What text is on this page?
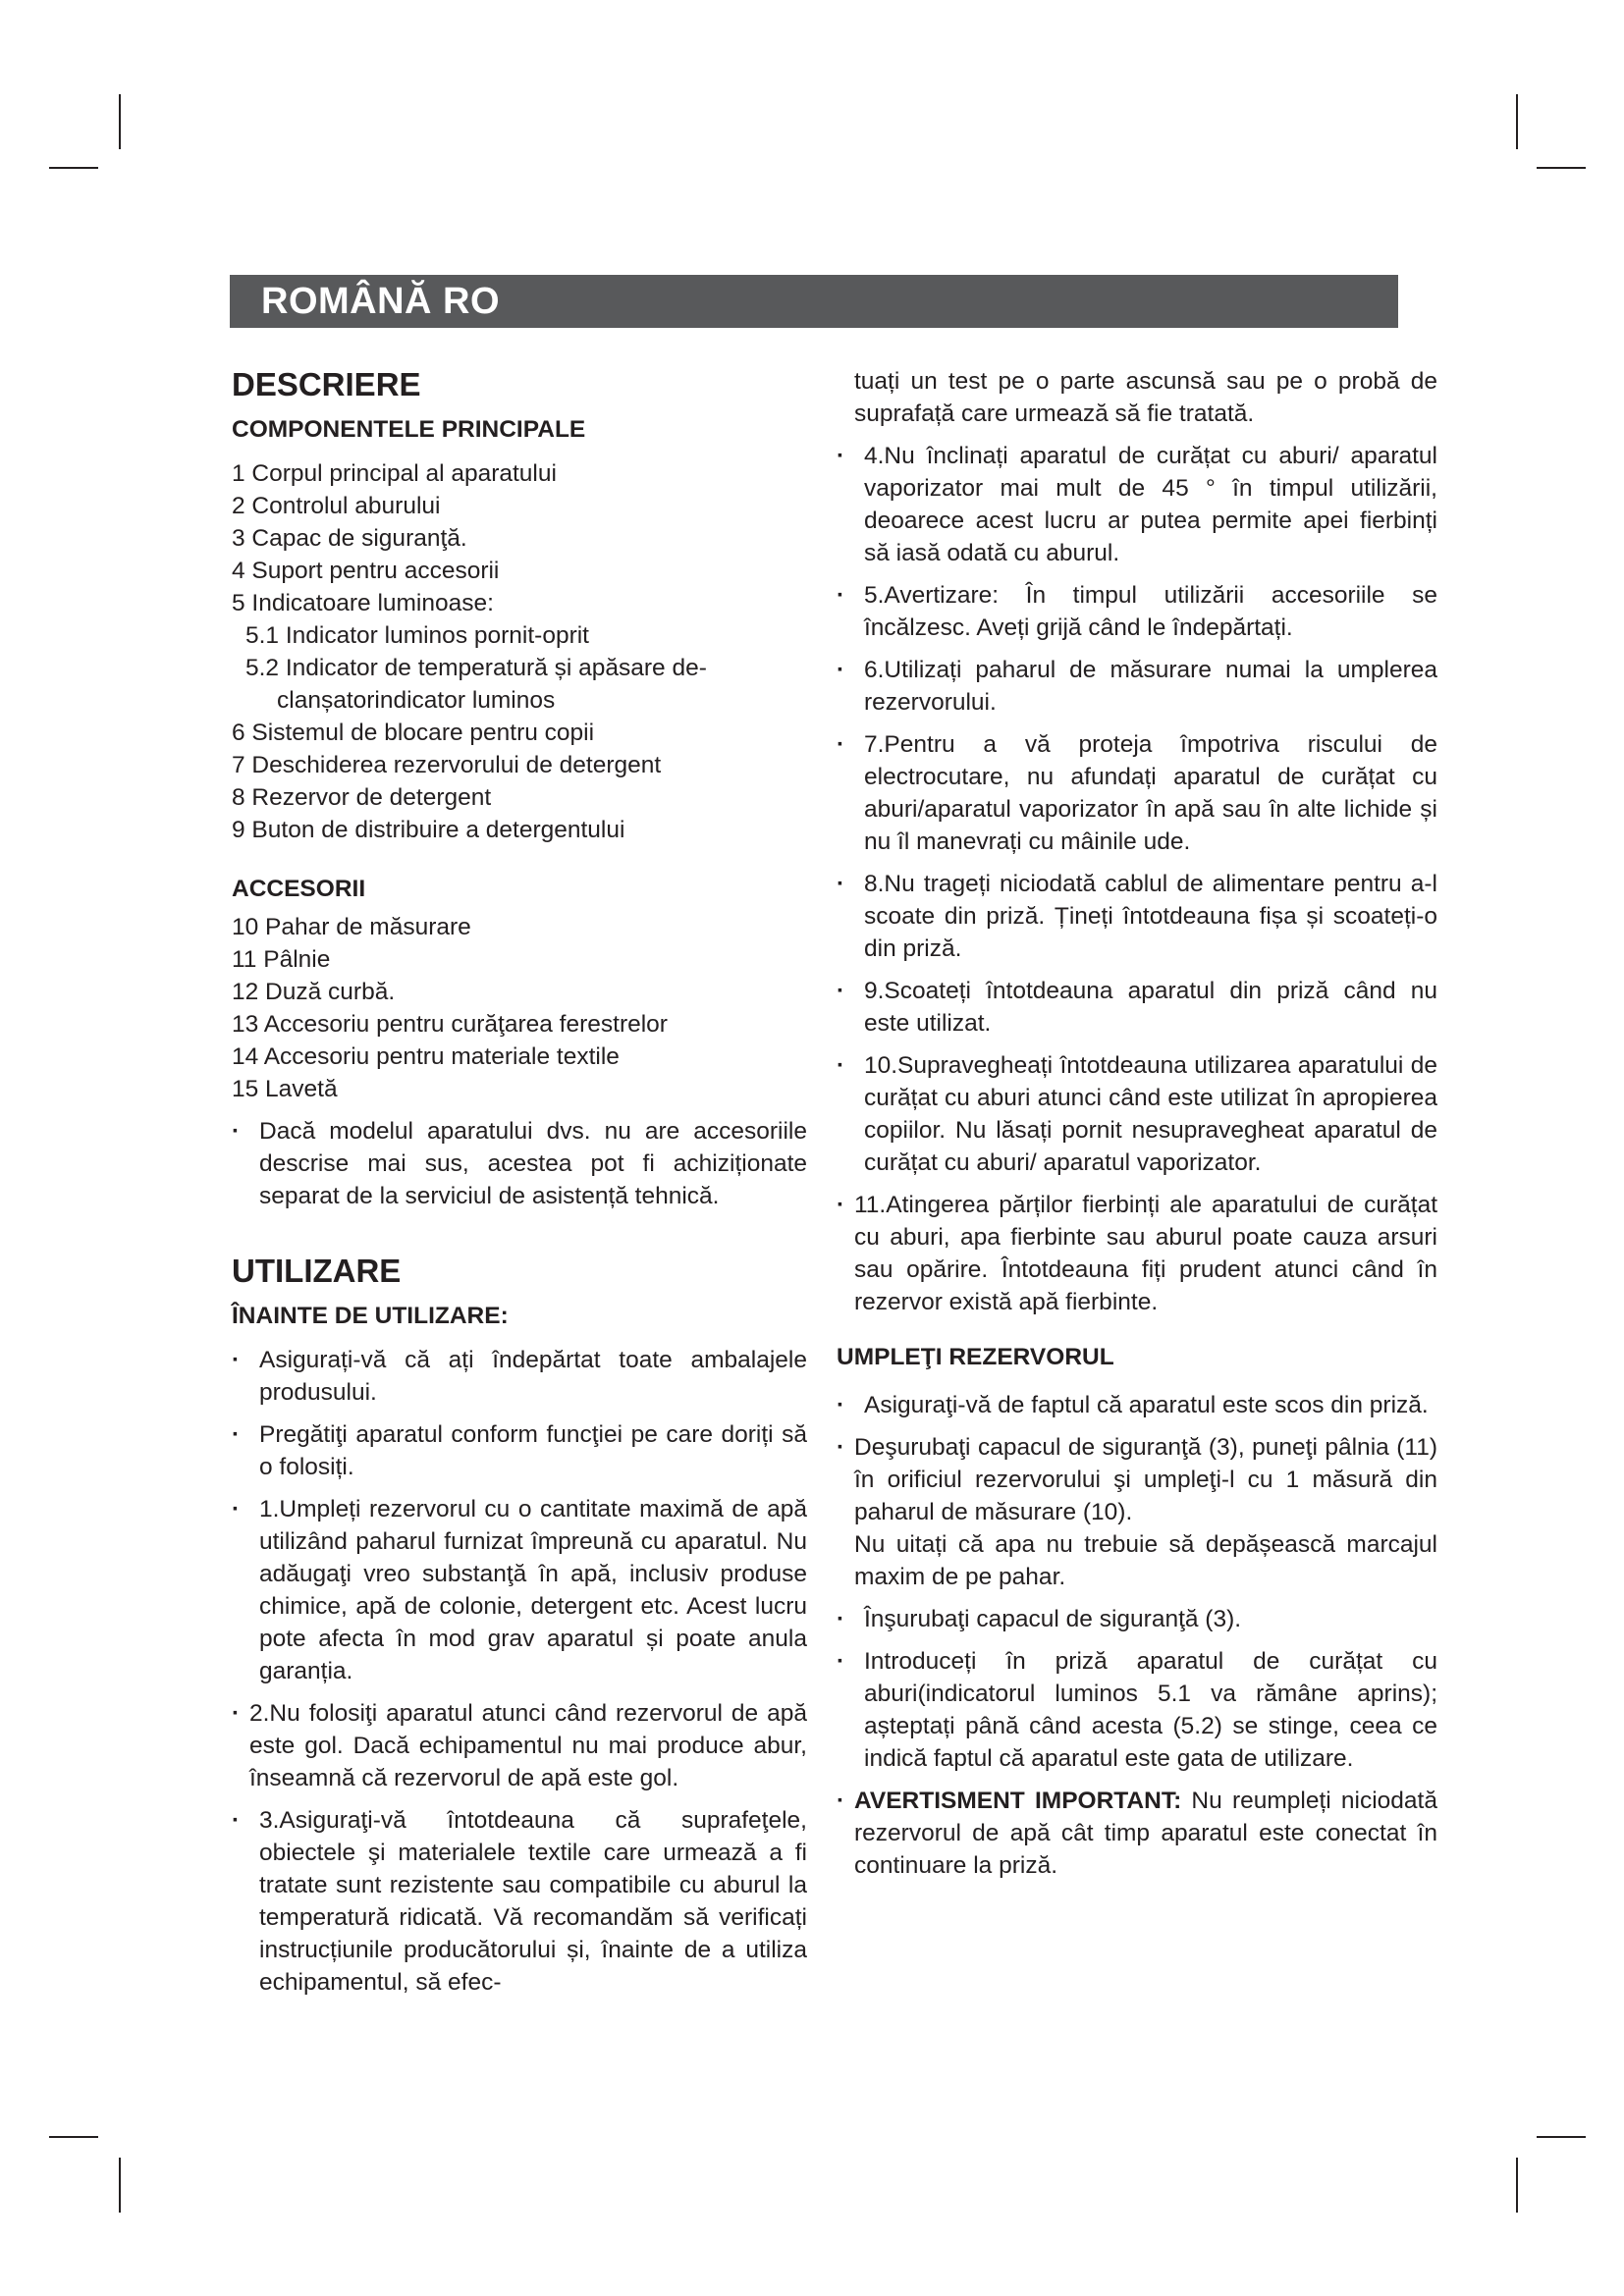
ROMÂNĂ RO
DESCRIERE
COMPONENTELE PRINCIPALE
1 Corpul principal al aparatului
2 Controlul aburului
3 Capac de siguranţă.
4 Suport pentru accesorii
5 Indicatoare luminoase:
5.1 Indicator luminos pornit-oprit
5.2 Indicator de temperatură și apăsare de-
clanșatorindicator luminos
6 Sistemul de blocare pentru copii
7 Deschiderea rezervorului de detergent
8 Rezervor de detergent
9 Buton de distribuire a detergentului
ACCESORII
10 Pahar de măsurare
11 Pâlnie
12 Duză curbă.
13 Accesoriu pentru curăţarea ferestrelor
14 Accesoriu pentru materiale textile
15 Lavetă

· Dacă modelul aparatului dvs. nu are accesoriile descrise mai sus, acestea pot fi achiziționate separat de la serviciul de asistență tehnică.

UTILIZARE
ÎNAINTE DE UTILIZARE:

· Asigurați-vă că ați îndepărtat toate ambalajele produsului.

· Pregătiţi aparatul conform funcţiei pe care doriți să o folosiți.

· 1.Umpleți rezervorul cu o cantitate maximă de apă utilizând paharul furnizat împreună cu aparatul. Nu adăugaţi vreo substanţă în apă, inclusiv produse chimice, apă de colonie, detergent etc. Acest lucru pote afecta în mod grav aparatul și poate anula garanția.

· 2.Nu folosiţi aparatul atunci când rezervorul de apă este gol. Dacă echipamentul nu mai produce abur, înseamnă că rezervorul de apă este gol.

· 3.Asiguraţi-vă întotdeauna că suprafeţele, obiectele şi materialele textile care urmează a fi tratate sunt rezistente sau compatibile cu aburul la temperatură ridicată. Vă recomandăm să verificați instrucțiunile producătorului și, înainte de a utiliza echipamentul, să efec-

tuați un test pe o parte ascunsă sau pe o probă de suprafață care urmează să fie tratată.

· 4.Nu înclinați aparatul de curățat cu aburi/ aparatul vaporizator mai mult de 45 ° în timpul utilizării, deoarece acest lucru ar putea permite apei fierbinți să iasă odată cu aburul.

· 5.Avertizare: În timpul utilizării accesoriile se încălzesc. Aveți grijă când le îndepărtați.

· 6.Utilizați paharul de măsurare numai la umplerea rezervorului.

· 7.Pentru a vă proteja împotriva riscului de electrocutare, nu afundați aparatul de curățat cu aburi/aparatul vaporizator în apă sau în alte lichide și nu îl manevrați cu mâinile ude.

· 8.Nu trageți niciodată cablul de alimentare pentru a-l scoate din priză. Țineți întotdeauna fișa și scoateți-o din priză.

· 9.Scoateți întotdeauna aparatul din priză când nu este utilizat.

· 10.Supravegheați întotdeauna utilizarea aparatului de curățat cu aburi atunci când este utilizat în apropierea copiilor. Nu lăsați pornit nesupravegheat aparatul de curățat cu aburi/ aparatul vaporizator.

· 11.Atingerea părților fierbinți ale aparatului de curățat cu aburi, apa fierbinte sau aburul poate cauza arsuri sau opărire. Întotdeauna fiți prudent atunci când în rezervor există apă fierbinte.

UMPLEŢI REZERVORUL

· Asiguraţi-vă de faptul că aparatul este scos din priză.

· Deşurubaţi capacul de siguranţă (3), puneţi pâlnia (11) în orificiul rezervorului şi umpleţi-l cu 1 măsură din paharul de măsurare (10).

Nu uitați că apa nu trebuie să depășească marcajul maxim de pe pahar.

· Înşurubaţi capacul de siguranţă (3).

· Introduceți în priză aparatul de curățat cu aburi(indicatorul luminos 5.1 va rămâne aprins); așteptați până când acesta (5.2) se stinge, ceea ce indică faptul că aparatul este gata de utilizare.

· AVERTISMENT IMPORTANT: Nu reumpleți niciodată rezervorul de apă cât timp aparatul este conectat în continuare la priză.
